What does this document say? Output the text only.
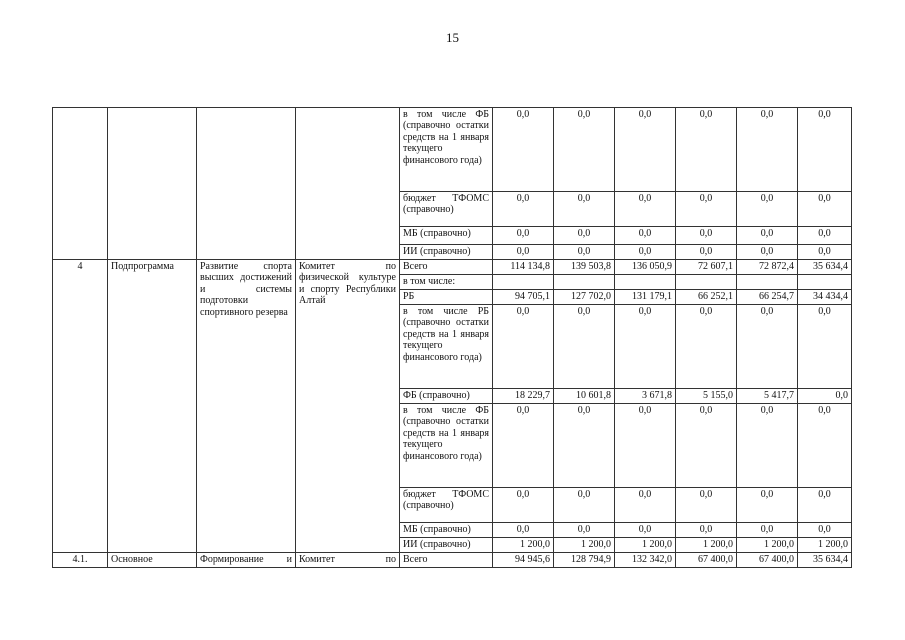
15
				в том числе ФБ (справочно остатки средств на 1 января текущего финансового года)	0,0	0,0	0,0	0,0	0,0	0,0
				бюджет ТФОМС (справочно)	0,0	0,0	0,0	0,0	0,0	0,0
				МБ (справочно)	0,0	0,0	0,0	0,0	0,0	0,0
				ИИ (справочно)	0,0	0,0	0,0	0,0	0,0	0,0
4	Подпрограмма	Развитие спорта высших достижений и системы подготовки спортивного резерва	Комитет по физической культуре и спорту Республики Алтай	Всего	114 134,8	139 503,8	136 050,9	72 607,1	72 872,4	35 634,4
				в том числе:						
				РБ	94 705,1	127 702,0	131 179,1	66 252,1	66 254,7	34 434,4
				в том числе РБ (справочно остатки средств на 1 января текущего финансового года)	0,0	0,0	0,0	0,0	0,0	0,0
				ФБ (справочно)	18 229,7	10 601,8	3 671,8	5 155,0	5 417,7	0,0
				в том числе ФБ (справочно остатки средств на 1 января текущего финансового года)	0,0	0,0	0,0	0,0	0,0	0,0
				бюджет ТФОМС (справочно)	0,0	0,0	0,0	0,0	0,0	0,0
				МБ (справочно)	0,0	0,0	0,0	0,0	0,0	0,0
				ИИ (справочно)	1 200,0	1 200,0	1 200,0	1 200,0	1 200,0	1 200,0
4.1.	Основное	Формирование и	Комитет по	Всего	94 945,6	128 794,9	132 342,0	67 400,0	67 400,0	35 634,4
